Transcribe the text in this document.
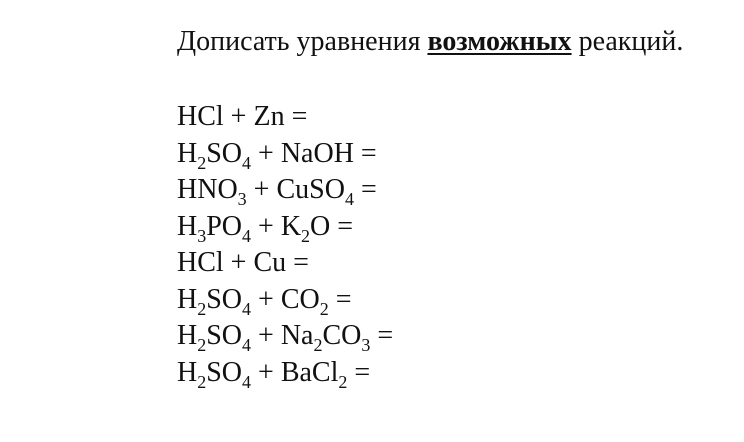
Дописать уравнения возможных реакций.
HCl + Zn =
$H_2SO_4$ + NaOH =
$HNO_3$ + CuSO$_4$ =
$H_3PO_4 + K_2O$ =
HCl + Cu =
$H_2SO_4 + CO_2$ =
$H_2SO_4 + Na_2CO_3$ =
$H_2SO_4$ + BaCl$_2$ =
